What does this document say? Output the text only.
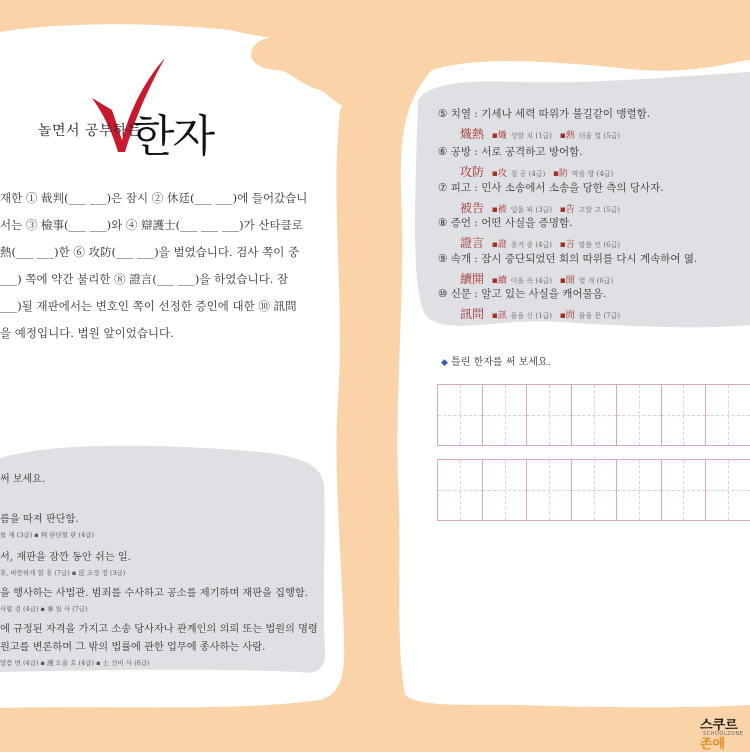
놀면서 공부하는
한자
재한 ① 裁判(___ ___)은 잠시 ② 休廷(___ ___)에 들어갔습니
서는 ③ 檢事(___ ___)와 ④ 辯護士(___ ___ ___)가 산타클로
熱(___ ___)한 ⑥ 攻防(___ ___)을 벌였습니다. 검사 쪽이 중
___) 쪽에 약간 불리한 ⑧ 證言(___ ___)을 하였습니다. 잠
___)될 재판에서는 변호인 쪽이 선정한 증인에 대한 ⑩ 訊問
을 예정입니다. 법원 앞이었습니다.
써 보세요.
름을 따져 판단함.
를 재 (3급) ▪ 判 판단할 판 (4급)
서, 재판을 잠깐 동안 쉬는 일.
휴, 바뜻하게 할 휴 (7급) ▪ 廷 조정 정 (3급)
을 행사하는 사법관. 범죄를 수사하고 공소를 제기하며 재판을 집행함.
사할 검 (4급) ▪ 事 일 사 (7급)
에 규정된 자격을 가지고 소송 당사자나 관계인의 의뢰 또는 법원의 명령
원고를 변론하며 그 밖의 법률에 관한 업무에 종사하는 사람.
말씀 변 (4급) ▪ 護 도울 호 (4급) ▪ 士 선비 사 (6급)
⑤ 치열 : 기세나 세력 따위가 불길같이 맹렬함.
熾熱 ▪熾 성할 치 (1급) ▪熱 더울 열 (5급)
⑥ 공방 : 서로 공격하고 방어함.
攻防 ▪攻 칠 공 (4급) ▪防 막을 방 (4급)
⑦ 피고 : 민사 소송에서 소송을 당한 측의 당사자.
被告 ▪被 입을 피 (3급) ▪告 고할 고 (5급)
⑧ 증언 : 어떤 사실을 증명함.
證言 ▪證 증거 증 (4급) ▪言 말씀 언 (6급)
⑨ 속개 : 잠시 중단되었던 회의 따위를 다시 계속하여 엶.
續開 ▪續 이을 속 (4급) ▪開 열 개 (6급)
⑩ 신문 : 알고 있는 사실을 캐어물음.
訊問 ▪訊 물을 신 (1급) ▪問 물을 문 (7급)
◆ 틀린 한자를 써 보세요.
스쿠르존에
SCHOOLZONE
